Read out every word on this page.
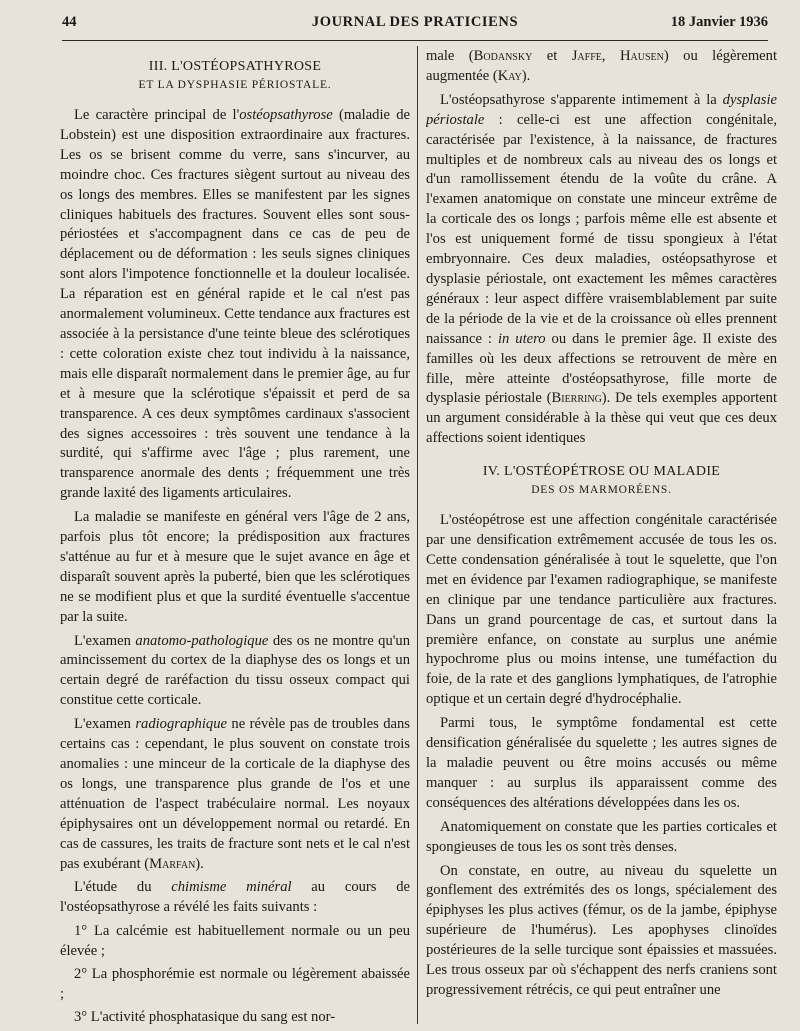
44	JOURNAL DES PRATICIENS	18 Janvier 1936
III. L'OSTÉOPSATHYROSE
ET LA DYSPHASIE PÉRIOSTALE.

Le caractère principal de l'ostéopsathyrose (maladie de Lobstein) est une disposition extraordinaire aux fractures. Les os se brisent comme du verre, sans s'incurver, au moindre choc. Ces fractures siègent surtout au niveau des os longs des membres. Elles se manifestent par les signes cliniques habituels des fractures. Souvent elles sont sous-périostées et s'accompagnent dans ce cas de peu de déplacement ou de déformation : les seuls signes cliniques sont alors l'impotence fonctionnelle et la douleur localisée. La réparation est en général rapide et le cal n'est pas anormalement volumineux. Cette tendance aux fractures est associée à la persistance d'une teinte bleue des sclérotiques : cette coloration existe chez tout individu à la naissance, mais elle disparaît normalement dans le premier âge, au fur et à mesure que la sclérotique s'épaissit et perd de sa transparence. A ces deux symptômes cardinaux s'associent des signes accessoires : très souvent une tendance à la surdité, qui s'affirme avec l'âge ; plus rarement, une transparence anormale des dents ; fréquemment une très grande laxité des ligaments articulaires.

La maladie se manifeste en général vers l'âge de 2 ans, parfois plus tôt encore; la prédisposition aux fractures s'atténue au fur et à mesure que le sujet avance en âge et disparaît souvent après la puberté, bien que les sclérotiques ne se modifient plus et que la surdité éventuelle s'accentue par la suite.

L'examen anatomo-pathologique des os ne montre qu'un amincissement du cortex de la diaphyse des os longs et un certain degré de raréfaction du tissu osseux compact qui constitue cette corticale.

L'examen radiographique ne révèle pas de troubles dans certains cas : cependant, le plus souvent on constate trois anomalies : une minceur de la corticale de la diaphyse des os longs, une transparence plus grande de l'os et une atténuation de l'aspect trabéculaire normal. Les noyaux épiphysaires ont un développement normal ou retardé. En cas de cassures, les traits de fracture sont nets et le cal n'est pas exubérant (Marfan).

L'étude du chimisme minéral au cours de l'ostéopsathyrose a révélé les faits suivants :

1° La calcémie est habituellement normale ou un peu élevée ;

2° La phosphorémie est normale ou légèrement abaissée ;

3° L'activité phosphatasique du sang est nor-

male (Bodansky et Jaffe, Hausen) ou légèrement augmentée (Kay).

L'ostéopsathyrose s'apparente intimement à la dysplasie périostale : celle-ci est une affection congénitale, caractérisée par l'existence, à la naissance, de fractures multiples et de nombreux cals au niveau des os longs et d'un ramollissement étendu de la voûte du crâne. A l'examen anatomique on constate une minceur extrême de la corticale des os longs ; parfois même elle est absente et l'os est uniquement formé de tissu spongieux à l'état embryonnaire. Ces deux maladies, ostéopsathyrose et dysplasie périostale, ont exactement les mêmes caractères généraux : leur aspect diffère vraisemblablement par suite de la période de la vie et de la croissance où elles prennent naissance : in utero ou dans le premier âge. Il existe des familles où les deux affections se retrouvent de mère en fille, mère atteinte d'ostéopsathyrose, fille morte de dysplasie périostale (Bierring). De tels exemples apportent un argument considérable à la thèse qui veut que ces deux affections soient identiques

IV. L'OSTÉOPÉTROSE OU MALADIE
DES OS MARMORÉENS.

L'ostéopétrose est une affection congénitale caractérisée par une densification extrêmement accusée de tous les os. Cette condensation généralisée à tout le squelette, que l'on met en évidence par l'examen radiographique, se manifeste en clinique par une tendance particulière aux fractures. Dans un grand pourcentage de cas, et surtout dans la première enfance, on constate au surplus une anémie hypochrome plus ou moins intense, une tuméfaction du foie, de la rate et des ganglions lymphatiques, de l'atrophie optique et un certain degré d'hydrocéphalie.

Parmi tous, le symptôme fondamental est cette densification généralisée du squelette ; les autres signes de la maladie peuvent ou être moins accusés ou même manquer : au surplus ils apparaissent comme des conséquences des altérations développées dans les os.

Anatomiquement on constate que les parties corticales et spongieuses de tous les os sont très denses.

On constate, en outre, au niveau du squelette un gonflement des extrémités des os longs, spécialement des épiphyses les plus actives (fémur, os de la jambe, épiphyse supérieure de l'humérus). Les apophyses clinoïdes postérieures de la selle turcique sont épaissies et massuées. Les trous osseux par où s'échappent des nerfs craniens sont progressivement rétrécis, ce qui peut entraîner une
